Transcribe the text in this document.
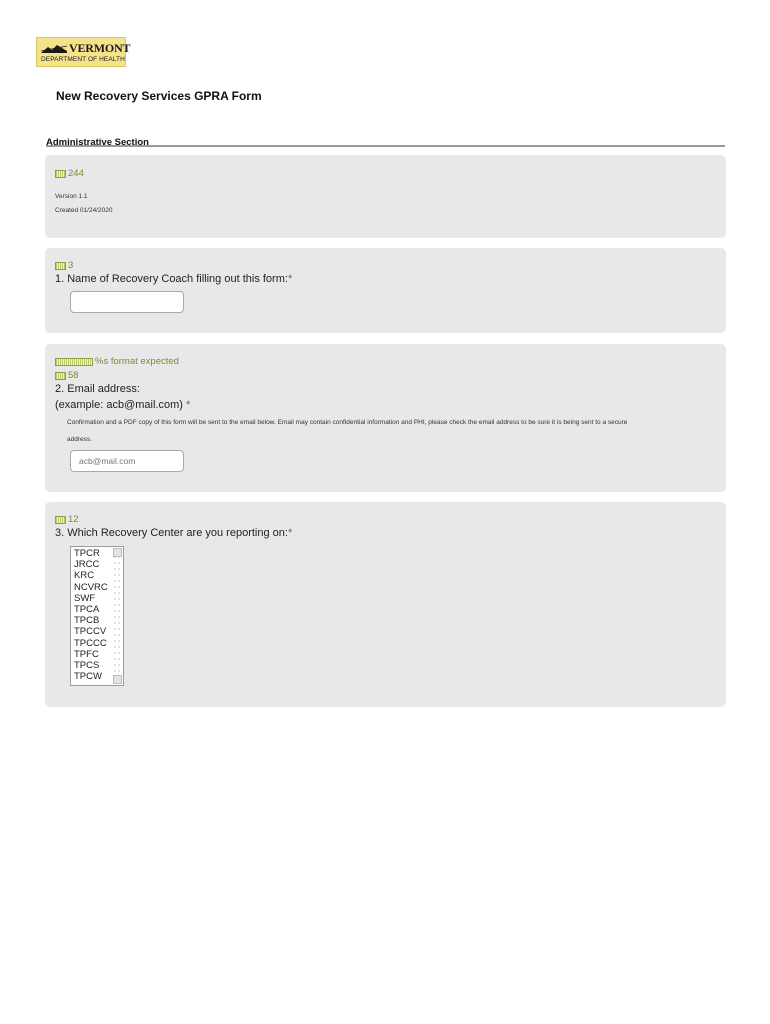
VERMONT
DEPARTMENT OF HEALTH
New Recovery Services GPRA Form
Administrative Section
244
Version 1.1
Created 01/24/2020
3
1. Name of Recovery Coach filling out this form:*
%s format expected
58
2. Email address:
(example: acb@mail.com) *
Confirmation and a PDF copy of this form will be sent to the email below. Email may contain confidential information and PHI, please check the email address to be sure it is being sent to a secure
address.
acb@mail.com
12
3. Which Recovery Center are you reporting on:*
TPCR
JRCC
KRC
NCVRC
SWF
TPCA
TPCB
TPCCV
TPCCC
TPFC
TPCS
TPCW
